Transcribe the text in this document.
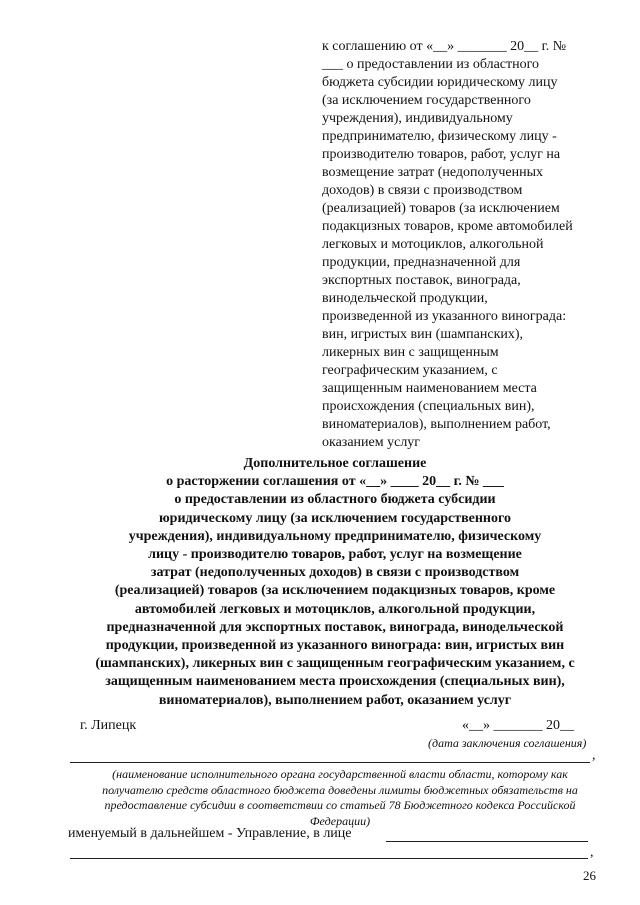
к соглашению от «__» _______ 20__ г. №
___ о предоставлении из областного
бюджета субсидии юридическому лицу
(за исключением государственного
учреждения), индивидуальному
предпринимателю, физическому лицу -
производителю товаров, работ, услуг на
возмещение затрат (недополученных
доходов) в связи с производством
(реализацией) товаров (за исключением
подакцизных товаров, кроме автомобилей
легковых и мотоциклов, алкогольной
продукции, предназначенной для
экспортных поставок, винограда,
винодельческой продукции,
произведенной из указанного винограда:
вин, игристых вин (шампанских),
ликерных вин с защищенным
географическим указанием, с
защищенным наименованием места
происхождения (специальных вин),
виноматериалов), выполнением работ,
оказанием услуг
Дополнительное соглашение
о расторжении соглашения от «__» ____ 20__ г. № ___
о предоставлении из областного бюджета субсидии
юридическому лицу (за исключением государственного
учреждения), индивидуальному предпринимателю, физическому
лицу - производителю товаров, работ, услуг на возмещение
затрат (недополученных доходов) в связи с производством
(реализацией) товаров (за исключением подакцизных товаров, кроме
автомобилей легковых и мотоциклов, алкогольной продукции,
предназначенной для экспортных поставок, винограда, винодельческой
продукции, произведенной из указанного винограда: вин, игристых вин
(шампанских), ликерных вин с защищенным географическим указанием, с
защищенным наименованием места происхождения (специальных вин),
виноматериалов), выполнением работ, оказанием услуг
г. Липецк	«__» _______ 20__
(дата заключения соглашения)
,
(наименование исполнительного органа государственной власти области, которому как
получателю средств областного бюджета доведены лимиты бюджетных обязательств на
предоставление субсидии в соответствии со статьей 78 Бюджетного кодекса Российской
Федерации)
именуемый в дальнейшем - Управление, в лице
,
26
